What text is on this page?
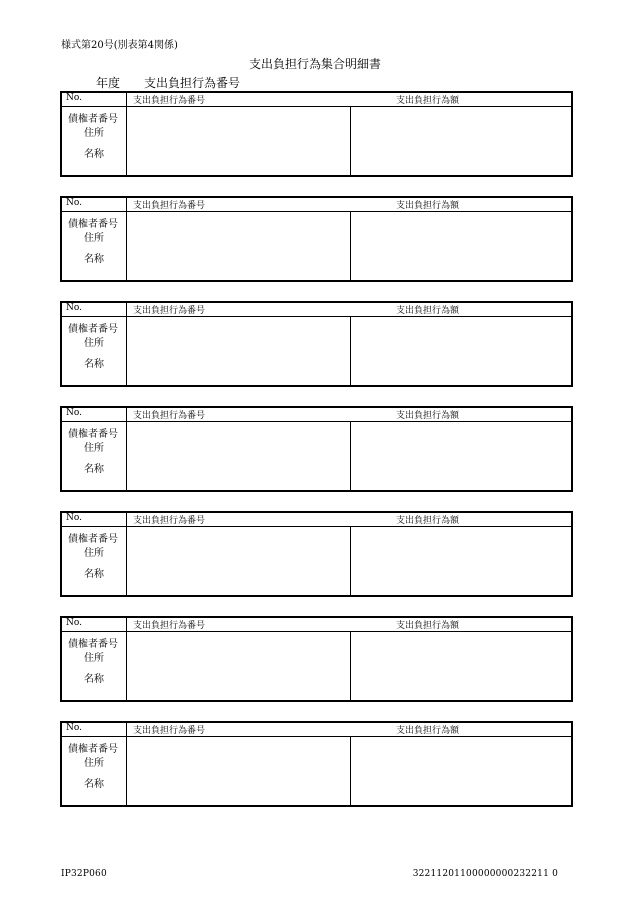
様式第20号(別表第4関係)
支出負担行為集合明細書
年度 支出負担行為番号
No.	支出負担行為番号	支出負担行為額
債権者番号
住所
名称
No.	支出負担行為番号	支出負担行為額
債権者番号
住所
名称
No.	支出負担行為番号	支出負担行為額
債権者番号
住所
名称
No.	支出負担行為番号	支出負担行為額
債権者番号
住所
名称
No.	支出負担行為番号	支出負担行為額
債権者番号
住所
名称
No.	支出負担行為番号	支出負担行為額
債権者番号
住所
名称
No.	支出負担行為番号	支出負担行為額
債権者番号
住所
名称
IP32P060	32211201100000000232211 0
